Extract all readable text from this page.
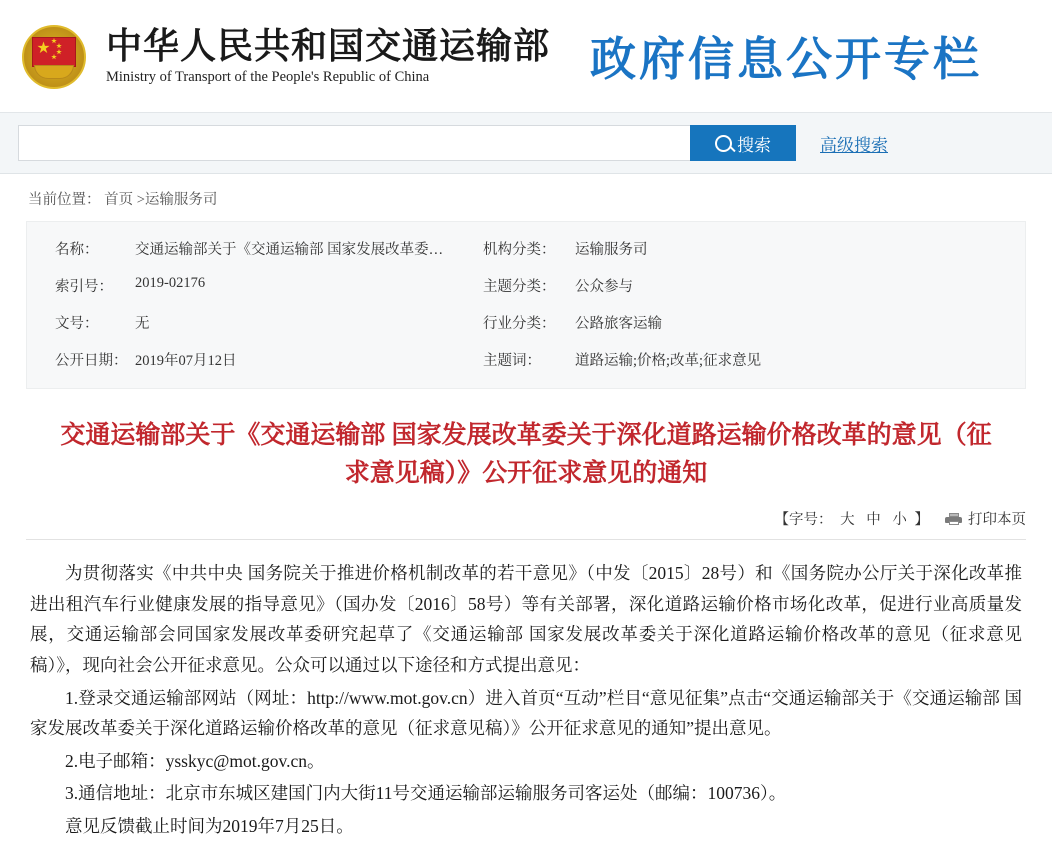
★ ★
★
★
★ 中华人民共和国交通运输部
Ministry of Transport of the People's Republic of China	政府信息公开专栏
搜索	高级搜索
当前位置： 首页 >运输服务司
名称：	交通运输部关于《交通运输部 国家发展改革委…	机构分类：	运输服务司
索引号：	2019-02176	主题分类：	公众参与
文号：	无	行业分类：	公路旅客运输
公开日期： 2019年07月12日	主题词：	道路运输;价格;改革;征求意见
交通运输部关于《交通运输部 国家发展改革委关于深化道路运输价格改革的意见（征求意见稿）》公开征求意见的通知
【字号： 大 中 小 】	打印本页

为贯彻落实《中共中央 国务院关于推进价格机制改革的若干意见》（中发〔2015〕28号）和《国务院办公厅关于深化改革推进出租汽车行业健康发展的指导意见》（国办发〔2016〕58号）等有关部署，深化道路运输价格市场化改革，促进行业高质量发展，交通运输部会同国家发展改革委研究起草了《交通运输部 国家发展改革委关于深化道路运输价格改革的意见（征求意见稿）》，现向社会公开征求意见。公众可以通过以下途径和方式提出意见：

1.登录交通运输部网站（网址：http://www.mot.gov.cn）进入首页“互动”栏目“意见征集”点击“交通运输部关于《交通运输部 国家发展改革委关于深化道路运输价格改革的意见（征求意见稿）》公开征求意见的通知”提出意见。

2.电子邮箱：ysskyc@mot.gov.cn。

3.通信地址：北京市东城区建国门内大街11号交通运输部运输服务司客运处（邮编：100736）。

意见反馈截止时间为2019年7月25日。
